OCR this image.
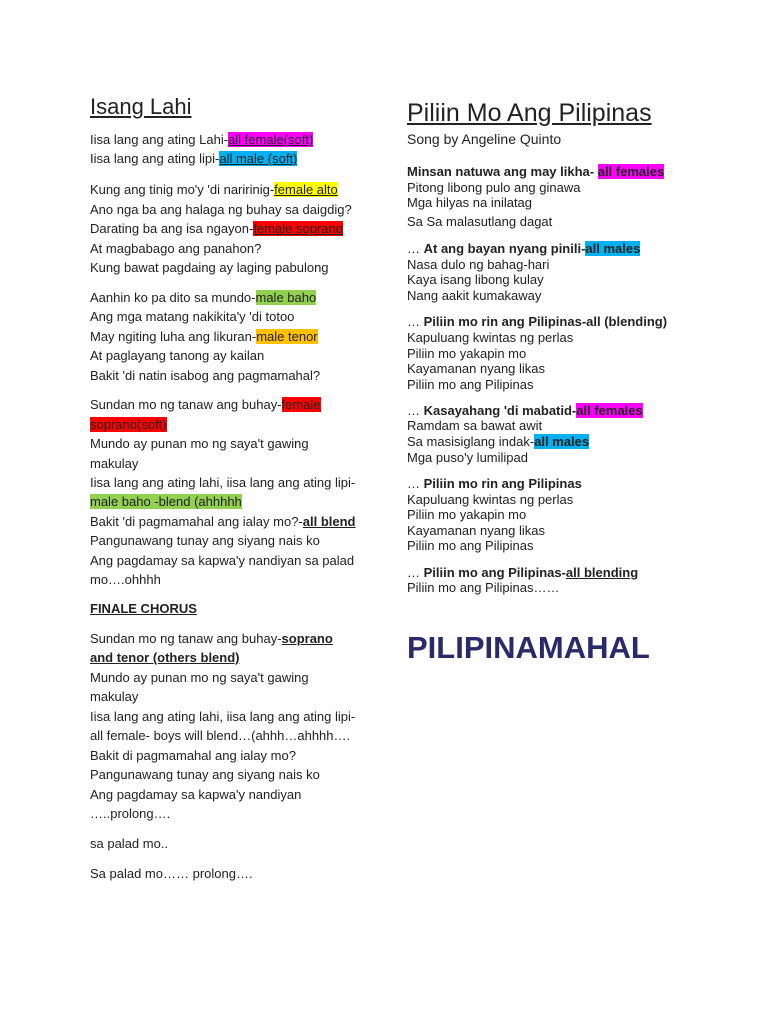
Isang Lahi
Iisa lang ang ating Lahi-all female(soft)
Iisa lang ang ating lipi-all male (soft)
Kung ang tinig mo'y 'di naririnig-female alto
Ano nga ba ang halaga ng buhay sa daigdig?
Darating ba ang isa ngayon-female soprano
At magbabago ang panahon?
Kung bawat pagdaing ay laging pabulong
Aanhin ko pa dito sa mundo-male baho
Ang mga matang nakikita'y 'di totoo
May ngiting luha ang likuran-male tenor
At paglayang tanong ay kailan
Bakit 'di natin isabog ang pagmamahal?
Sundan mo ng tanaw ang buhay-female
soprano(soft)
Mundo ay punan mo ng saya't gawing
makulay
Iisa lang ang ating lahi, iisa lang ang ating lipi-
male baho -blend (ahhhhh
Bakit 'di pagmamahal ang ialay mo?-all blend
Pangunawang tunay ang siyang nais ko
Ang pagdamay sa kapwa'y nandiyan sa palad
mo….ohhhh
FINALE CHORUS
Sundan mo ng tanaw ang buhay-soprano
and tenor (others blend)
Mundo ay punan mo ng saya't gawing
makulay
Iisa lang ang ating lahi, iisa lang ang ating lipi-
all female- boys will blend…(ahhh…ahhhh….
Bakit di pagmamahal ang ialay mo?
Pangunawang tunay ang siyang nais ko
Ang pagdamay sa kapwa'y nandiyan
…..prolong….
sa palad mo..
Sa palad mo…… prolong….
Piliin Mo Ang Pilipinas
Song by Angeline Quinto
Minsan natuwa ang may likha- all females
Pitong libong pulo ang ginawa
Mga hilyas na inilatag
Sa Sa malasutlang dagat
… At ang bayan nyang pinili-all males
Nasa dulo ng bahag-hari
Kaya isang libong kulay
Nang aakit kumakaway
… Piliin mo rin ang Pilipinas-all (blending)
Kapuluang kwintas ng perlas
Piliin mo yakapin mo
Kayamanan nyang likas
Piliin mo ang Pilipinas
… Kasayahang 'di mabatid-all females
Ramdam sa bawat awit
Sa masisiglang indak-all males
Mga puso'y lumilipad
… Piliin mo rin ang Pilipinas
Kapuluang kwintas ng perlas
Piliin mo yakapin mo
Kayamanan nyang likas
Piliin mo ang Pilipinas
… Piliin mo ang Pilipinas-all blending
Piliin mo ang Pilipinas……
PILIPINAMAHAL
